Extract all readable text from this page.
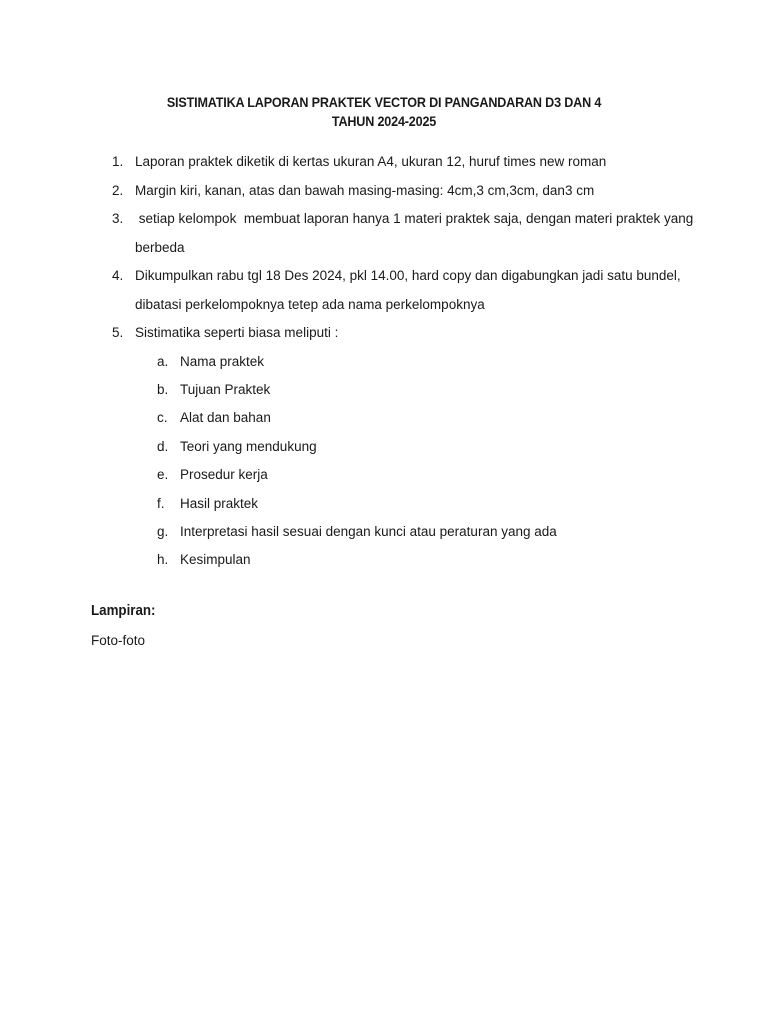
SISTIMATIKA LAPORAN PRAKTEK VECTOR DI PANGANDARAN D3 DAN 4
TAHUN 2024-2025
1. Laporan praktek diketik di kertas ukuran A4, ukuran 12, huruf times new roman
2. Margin kiri, kanan, atas dan bawah masing-masing: 4cm,3 cm,3cm, dan3 cm
3. setiap kelompok  membuat laporan hanya 1 materi praktek saja, dengan materi praktek yang berbeda
4. Dikumpulkan rabu tgl 18 Des 2024, pkl 14.00, hard copy dan digabungkan jadi satu bundel, dibatasi perkelompoknya tetep ada nama perkelompoknya
5. Sistimatika seperti biasa meliputi :
a. Nama praktek
b. Tujuan Praktek
c. Alat dan bahan
d. Teori yang mendukung
e. Prosedur kerja
f. Hasil praktek
g. Interpretasi hasil sesuai dengan kunci atau peraturan yang ada
h. Kesimpulan
Lampiran:
Foto-foto
